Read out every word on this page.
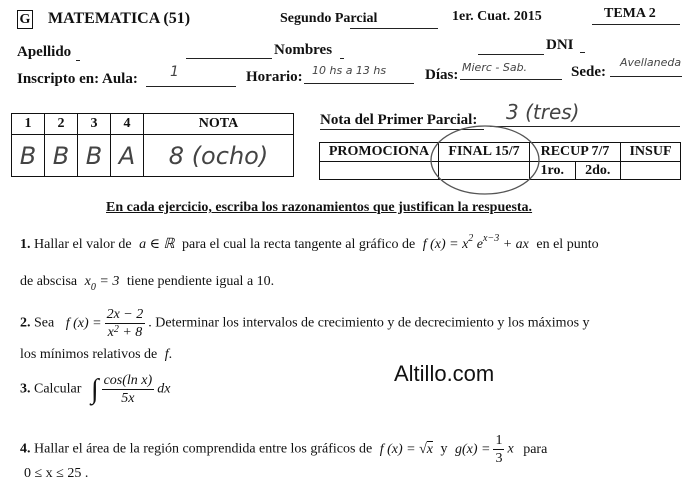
G MATEMATICA (51)	Segundo Parcial	1er. Cuat. 2015	TEMA 2
Apellido	Nombres	DNI
Inscripto en: Aula: 1	Horario: 10 hs a 13 hs	Días: Mierc - Sab.	Sede:
Avellaneda
1	2	3	4	NOTA
B	B	B	A	8 (ocho)
Nota del Primer Parcial: 3 (tres)
PROMOCIONA	FINAL 15/7	RECUP 7/7		INSUF
		1ro.	2do.	
En cada ejercicio, escriba los razonamientos que justifican la respuesta.
1. Hallar el valor de a ∈ ℝ para el cual la recta tangente al gráfico de f $(x) = x^2$ $e^{x-3}$ + ax en el punto
de abscisa $x_0 = 3$ tiene pendiente igual a 10.
2. Sea f $(x) = \frac{2x - 2}{x^2 + 8}$ . Determinar los intervalos de crecimiento y de decrecimiento y los máximos y
los mínimos relativos de f.
3. Calcular ∫ $\frac{\text{cos(ln x)}}{5x}$ dx
Altillo.com
4. Hallar el área de la región comprendida entre los gráficos de f (x) = √x y $g(x) = \frac{1}{3}$ x para
0 ≤ x ≤ 25 .
